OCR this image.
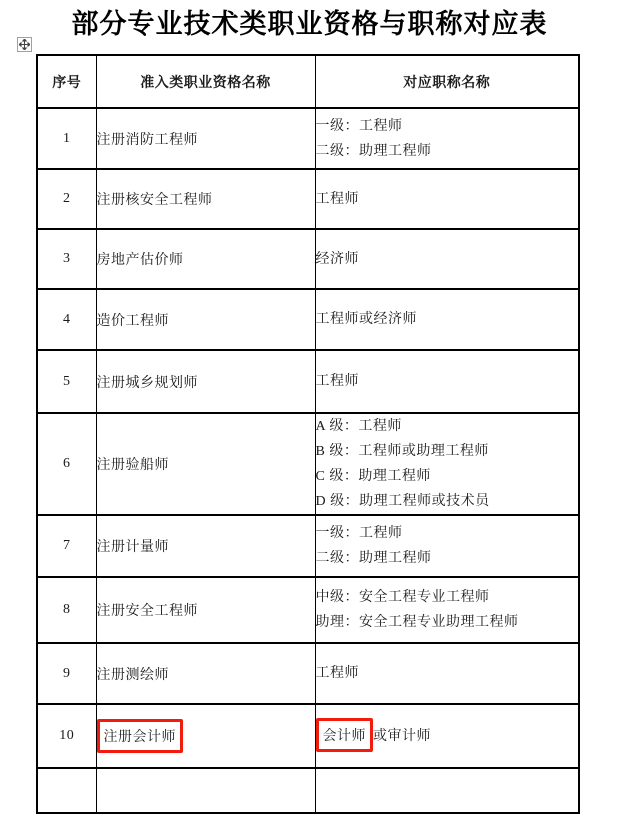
部分专业技术类职业资格与职称对应表
序号	准入类职业资格名称	对应职称名称
1	注册消防工程师	一级：工程师
二级：助理工程师

2	注册核安全工程师	工程师

3	房地产估价师	经济师

4	造价工程师	工程师或经济师

5	注册城乡规划师	工程师

6	注册验船师	A 级：工程师
B 级：工程师或助理工程师
C 级：助理工程师
D 级：助理工程师或技术员

7	注册计量师	一级：工程师
二级：助理工程师

8	注册安全工程师	中级：安全工程专业工程师
助理：安全工程专业助理工程师

9	注册测绘师	工程师

10	注册会计师	会计师 或审计师
